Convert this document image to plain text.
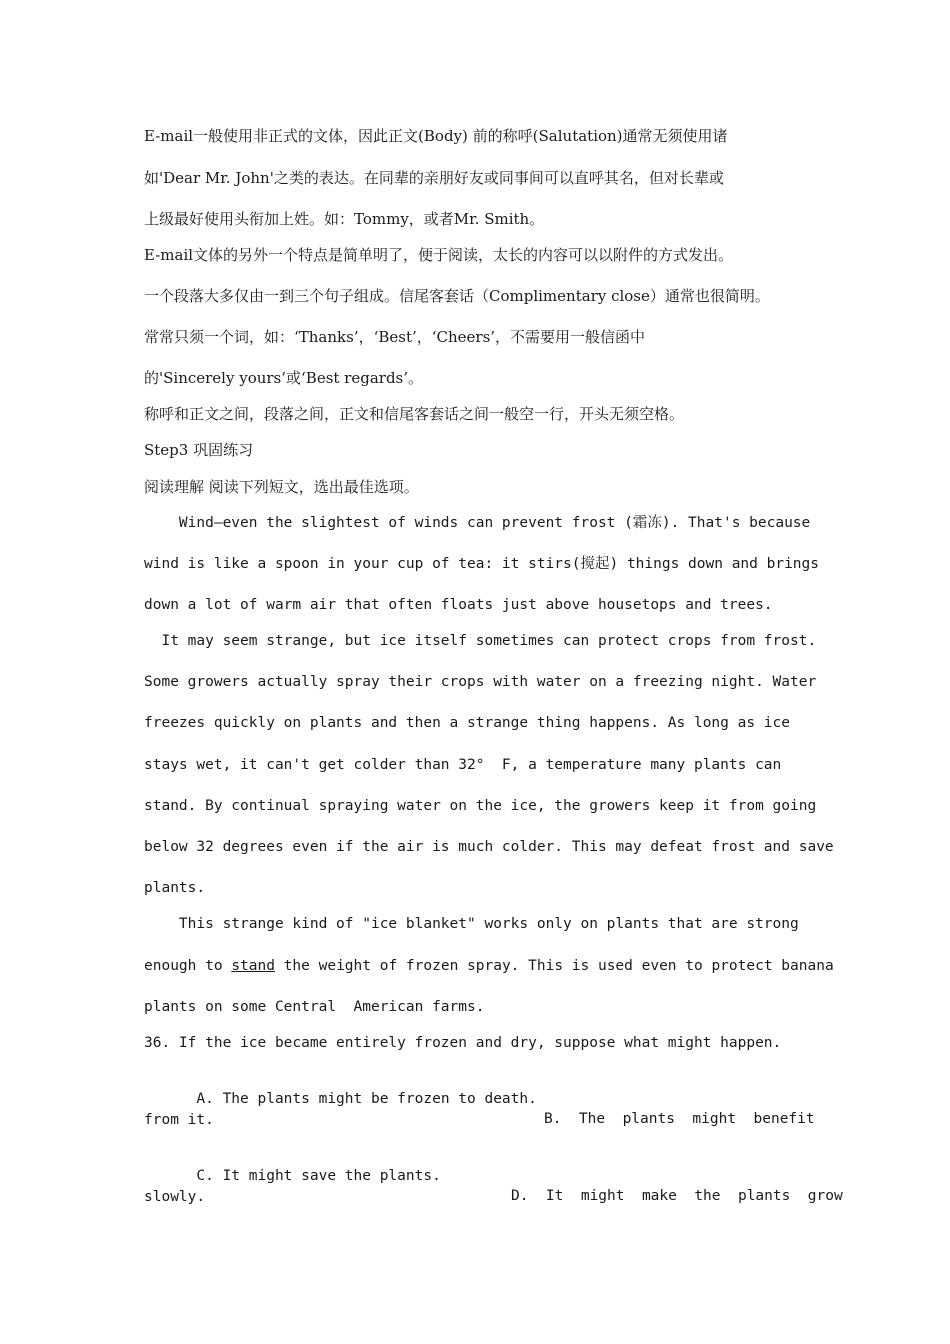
E-mail一般使用非正式的文体，因此正文(Body) 前的称呼(Salutation)通常无须使用诸
如'Dear Mr. John'之类的表达。在同辈的亲朋好友或同事间可以直呼其名，但对长辈或
上级最好使用头衔加上姓。如：Tommy，或者Mr. Smith。
E-mail文体的另外一个特点是简单明了，便于阅读，太长的内容可以以附件的方式发出。
一个段落大多仅由一到三个句子组成。信尾客套话（Complimentary close）通常也很简明。
常常只须一个词，如：‘Thanks’，‘Best’，‘Cheers’，不需要用一般信函中
的'Sincerely yours’或‘Best regards’。
称呼和正文之间，段落之间，正文和信尾客套话之间一般空一行，开头无须空格。
Step3 巩固练习
阅读理解 阅读下列短文，选出最佳选项。
Wind—even the slightest of winds can prevent frost (霜冻). That's because
wind is like a spoon in your cup of tea: it stirs(搅起) things down and brings
down a lot of warm air that often floats just above housetops and trees.
It may seem strange, but ice itself sometimes can protect crops from frost.
Some growers actually spray their crops with water on a freezing night. Water
freezes quickly on plants and then a strange thing happens. As long as ice
stays wet, it can't get colder than 32°  F, a temperature many plants can
stand. By continual spraying water on the ice, the growers keep it from going
below 32 degrees even if the air is much colder. This may defeat frost and save
plants.
This strange kind of "ice blanket" works only on plants that are strong
enough to stand the weight of frozen spray. This is used even to protect banana
plants on some Central  American farms.
36. If the ice became entirely frozen and dry, suppose what might happen.

A. The plants might be frozen to death.

B.  The  plants  might  benefit

from it.

C. It might save the plants.

D.  It  might  make  the  plants  grow

slowly.
